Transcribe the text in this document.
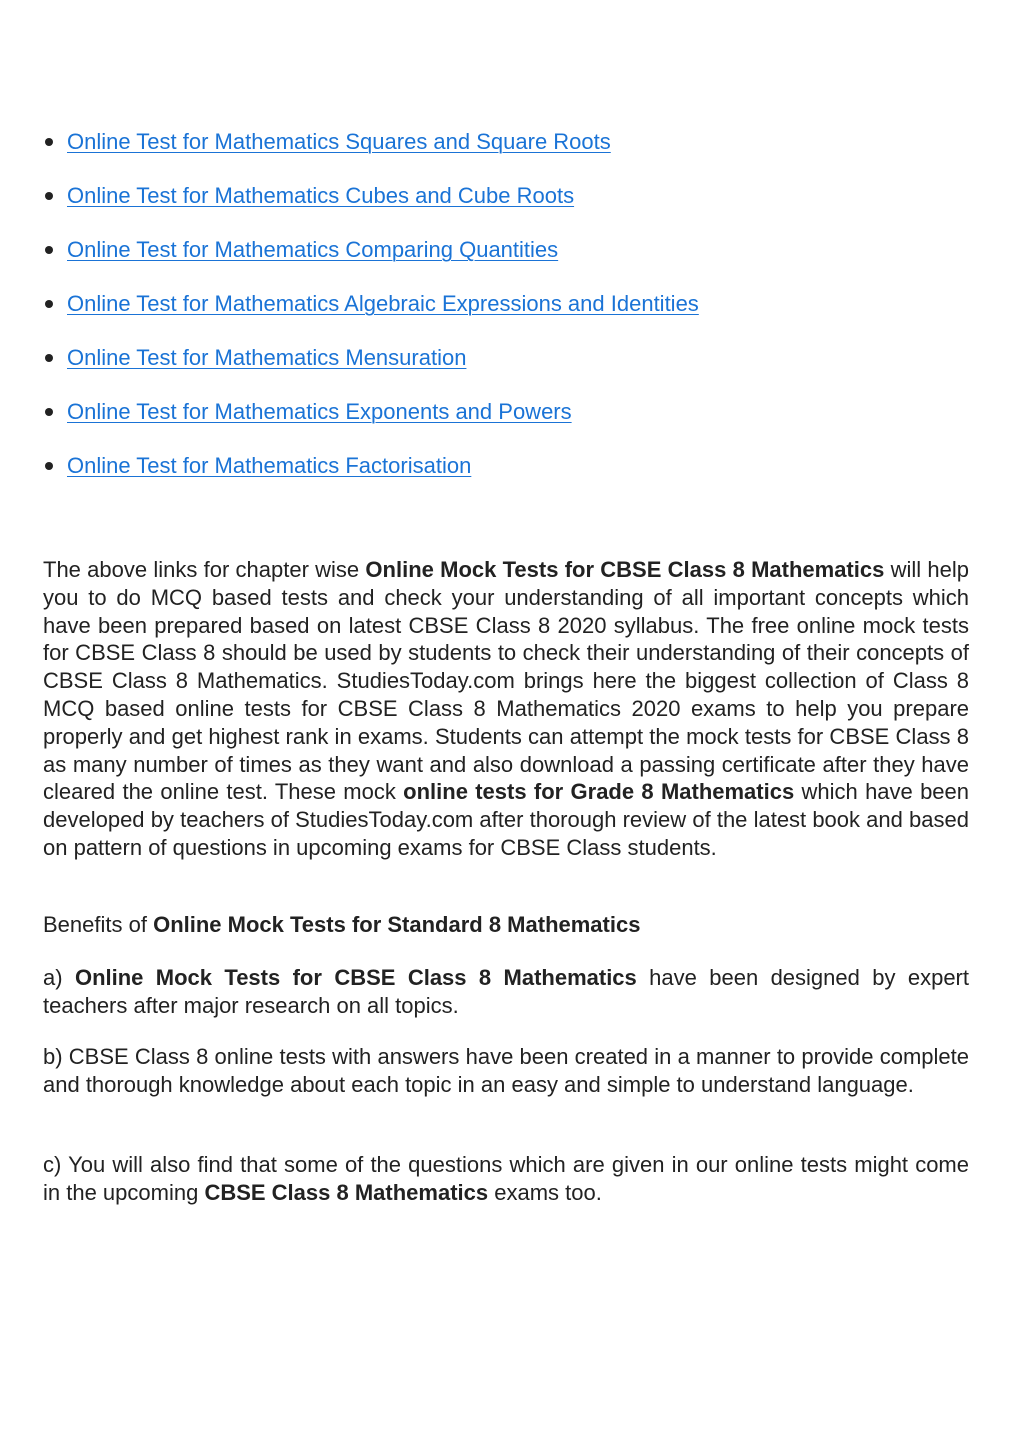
Online Test for Mathematics Squares and Square Roots
Online Test for Mathematics Cubes and Cube Roots
Online Test for Mathematics Comparing Quantities
Online Test for Mathematics Algebraic Expressions and Identities
Online Test for Mathematics Mensuration
Online Test for Mathematics Exponents and Powers
Online Test for Mathematics Factorisation

The above links for chapter wise Online Mock Tests for CBSE Class 8 Mathematics will help you to do MCQ based tests and check your understanding of all important concepts which have been prepared based on latest CBSE Class 8 2020 syllabus. The free online mock tests for CBSE Class 8 should be used by students to check their understanding of their concepts of CBSE Class 8 Mathematics. StudiesToday.com brings here the biggest collection of Class 8 MCQ based online tests for CBSE Class 8 Mathematics 2020 exams to help you prepare properly and get highest rank in exams. Students can attempt the mock tests for CBSE Class 8 as many number of times as they want and also download a passing certificate after they have cleared the online test. These mock online tests for Grade 8 Mathematics which have been developed by teachers of StudiesToday.com after thorough review of the latest book and based on pattern of questions in upcoming exams for CBSE Class students.

Benefits of Online Mock Tests for Standard 8 Mathematics

a) Online Mock Tests for CBSE Class 8 Mathematics have been designed by expert teachers after major research on all topics.

b) CBSE Class 8 online tests with answers have been created in a manner to provide complete and thorough knowledge about each topic in an easy and simple to understand language.

c) You will also find that some of the questions which are given in our online tests might come in the upcoming CBSE Class 8 Mathematics exams too.
